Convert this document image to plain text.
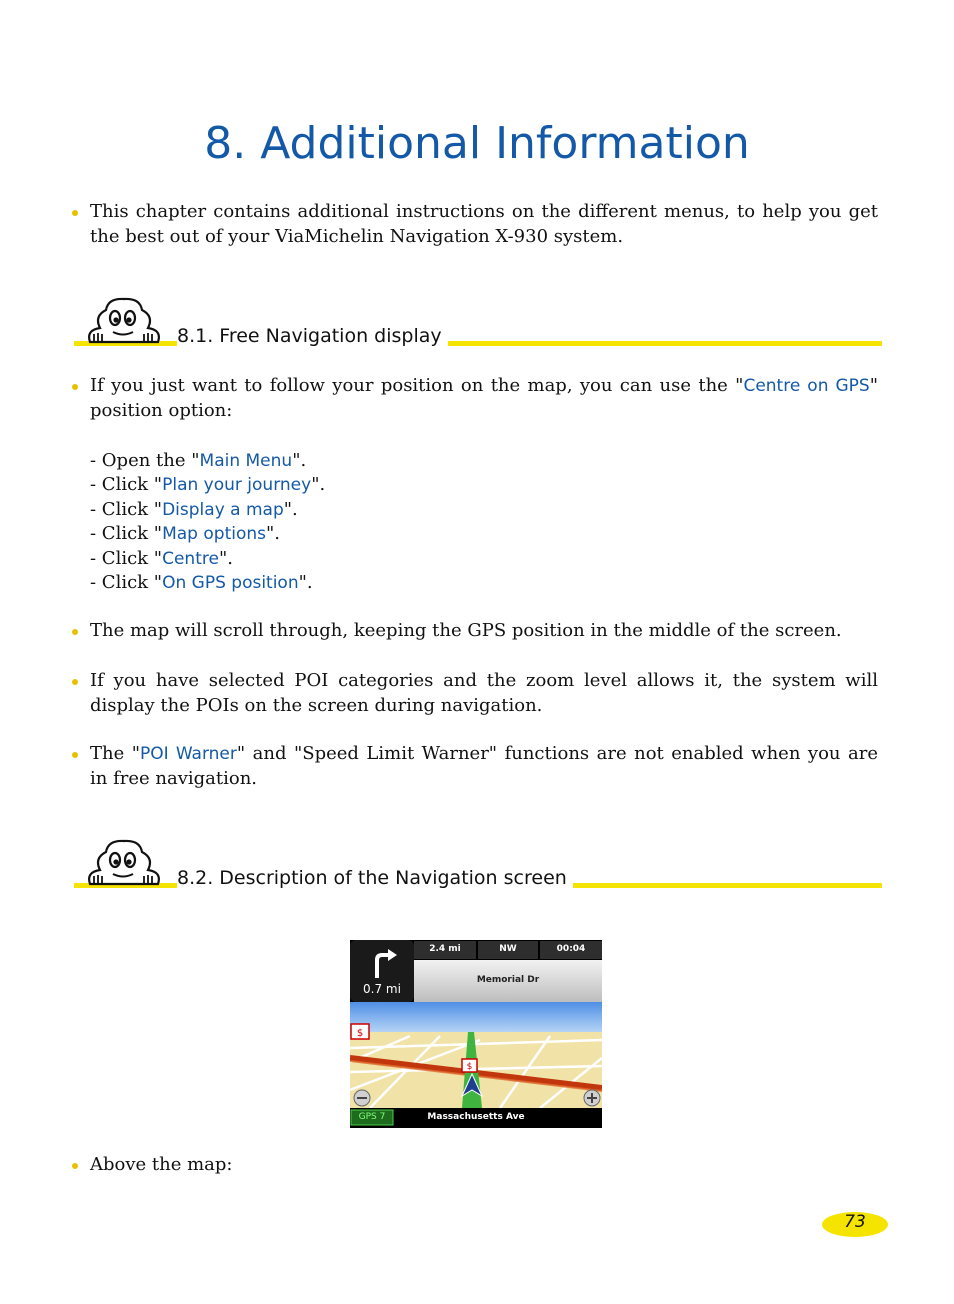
8. Additional Information

This chapter contains additional instructions on the different menus, to help you get the best out of your ViaMichelin Navigation X-930 system.

8.1. Free Navigation display

If you just want to follow your position on the map, you can use the "Centre on GPS" position option:

- Open the "Main Menu".
- Click "Plan your journey".
- Click "Display a map".
- Click "Map options".
- Click "Centre".
- Click "On GPS position".

The map will scroll through, keeping the GPS position in the middle of the screen.

If you have selected POI categories and the zoom level allows it, the system will display the POIs on the screen during navigation.

The "POI Warner" and "Speed Limit Warner" functions are not enabled when you are in free navigation.

8.2. Description of the Navigation screen
$
$
0.7 mi
2.4 mi	NW	00:04
Memorial Dr
GPS 7	Massachusetts Ave

Above the map:

73
